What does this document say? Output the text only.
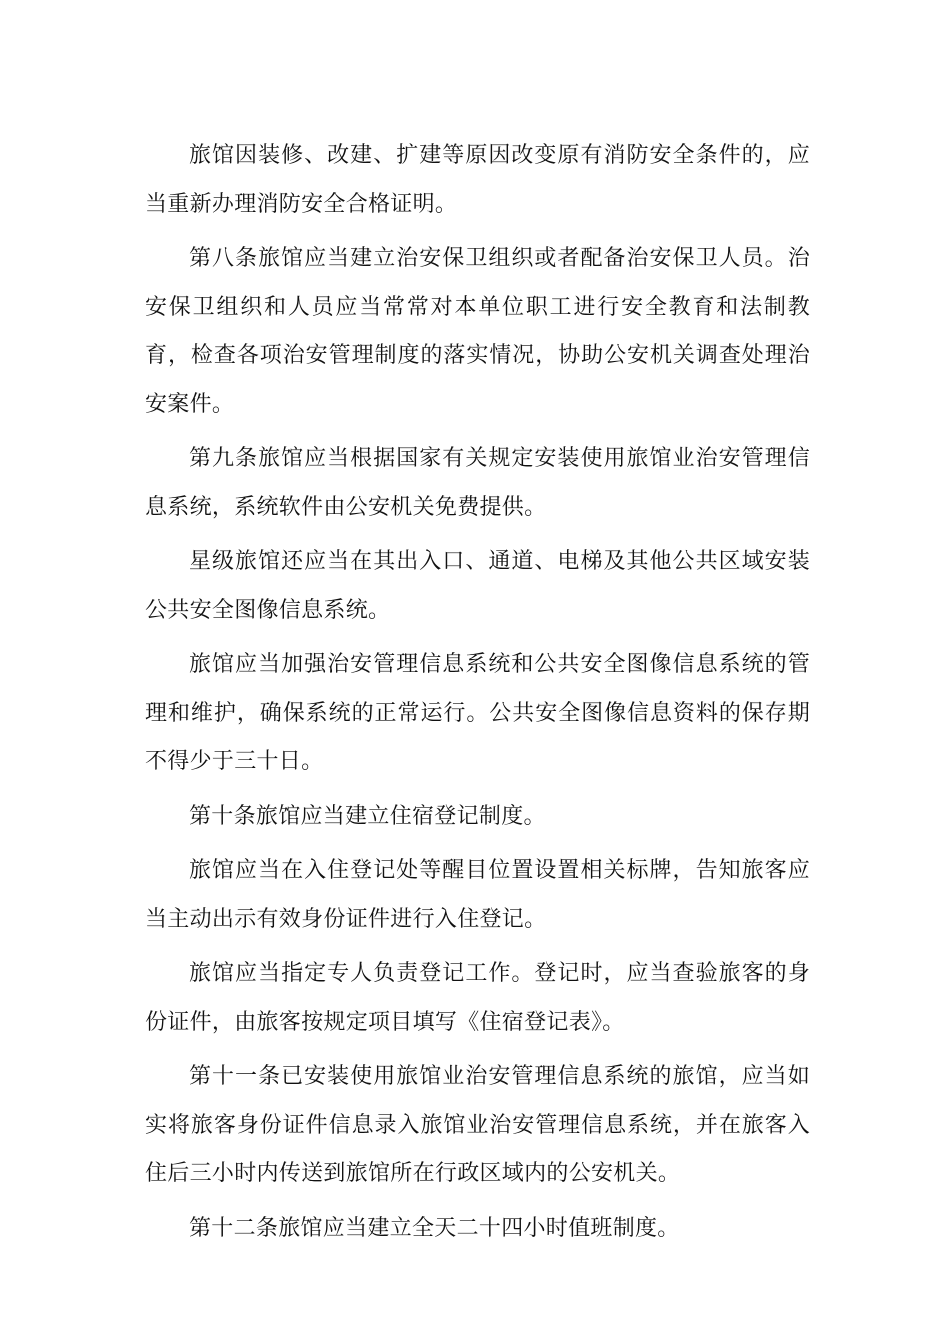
旅馆因装修、改建、扩建等原因改变原有消防安全条件的，应当重新办理消防安全合格证明。

第八条旅馆应当建立治安保卫组织或者配备治安保卫人员。治安保卫组织和人员应当常常对本单位职工进行安全教育和法制教育，检查各项治安管理制度的落实情况，协助公安机关调查处理治安案件。

第九条旅馆应当根据国家有关规定安装使用旅馆业治安管理信息系统，系统软件由公安机关免费提供。

星级旅馆还应当在其出入口、通道、电梯及其他公共区域安装公共安全图像信息系统。

旅馆应当加强治安管理信息系统和公共安全图像信息系统的管理和维护，确保系统的正常运行。公共安全图像信息资料的保存期不得少于三十日。

第十条旅馆应当建立住宿登记制度。

旅馆应当在入住登记处等醒目位置设置相关标牌，告知旅客应当主动出示有效身份证件进行入住登记。

旅馆应当指定专人负责登记工作。登记时，应当查验旅客的身份证件，由旅客按规定项目填写《住宿登记表》。

第十一条已安装使用旅馆业治安管理信息系统的旅馆，应当如实将旅客身份证件信息录入旅馆业治安管理信息系统，并在旅客入住后三小时内传送到旅馆所在行政区域内的公安机关。

第十二条旅馆应当建立全天二十四小时值班制度。
